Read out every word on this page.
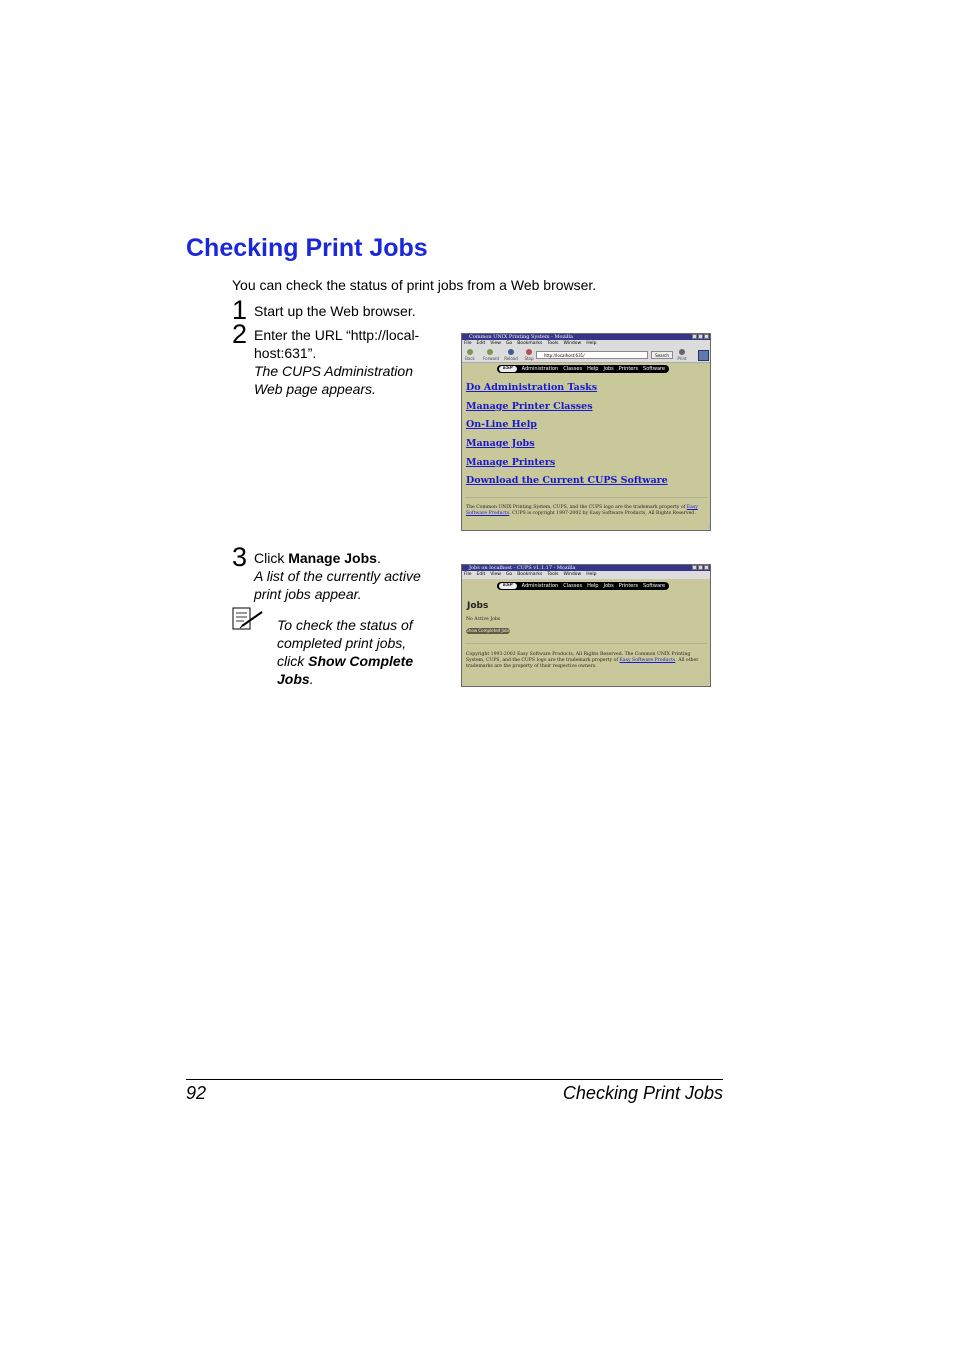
Checking Print Jobs
You can check the status of print jobs from a Web browser.
1 Start up the Web browser.
2 Enter the URL “http://local-
host:631”.
The CUPS Administration
Web page appears.
3 Click Manage Jobs.
A list of the currently active
print jobs appear.
To check the status of
completed print jobs,
click Show Complete
Jobs.
Common UNIX Printing System - Mozilla
File Edit View Go Bookmarks Tools Window Help
Back	Forward Reload	Stop
http://localhost:631/	Search
Print
ESP	Administration Classes Help Jobs Printers Software
Do Administration Tasks
Manage Printer Classes
On-Line Help
Manage Jobs
Manage Printers
Download the Current CUPS Software
The Common UNIX Printing System, CUPS, and the CUPS logo are the trademark property of Easy Software Products. CUPS is copyright 1997-2002 by Easy Software Products, All Rights Reserved.
Jobs on localhost - CUPS v1.1.17 - Mozilla
File Edit View Go Bookmarks Tools Window Help
ESP	Administration Classes Help Jobs Printers Software
Jobs
No Active Jobs
Show Completed Jobs
Copyright 1993-2002 Easy Software Products, All Rights Reserved. The Common UNIX Printing System, CUPS, and the CUPS logo are the trademark property of Easy Software Products. All other trademarks are the property of their respective owners.
92	Checking Print Jobs
